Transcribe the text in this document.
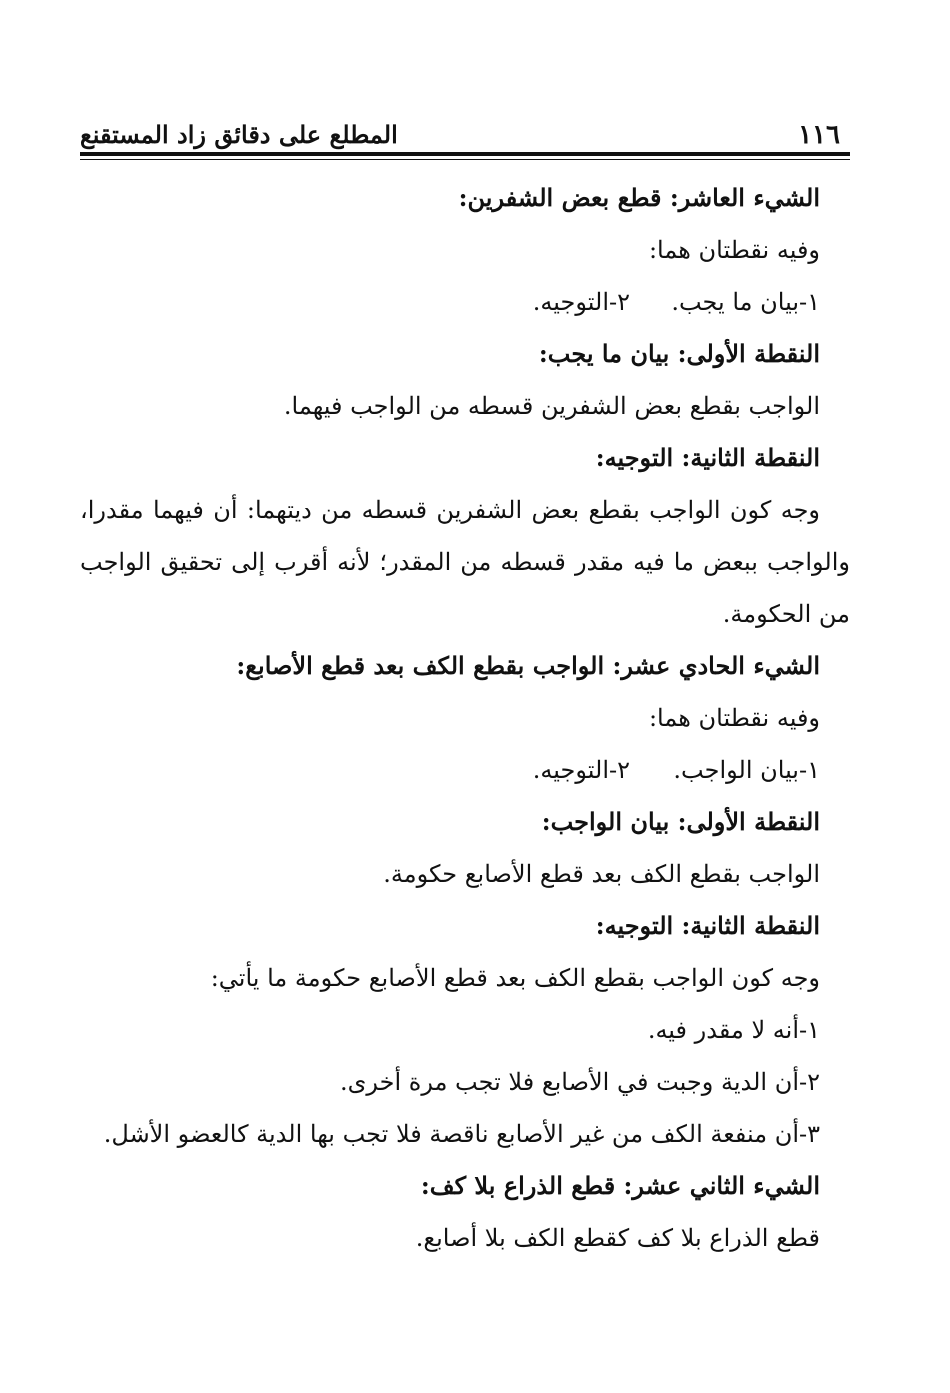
١١٦
المطلع على دقائق زاد المستقنع
الشيء العاشر: قطع بعض الشفرين:
وفيه نقطتان هما:
١-بيان ما يجب.
٢-التوجيه.
النقطة الأولى: بيان ما يجب:
الواجب بقطع بعض الشفرين قسطه من الواجب فيهما.
النقطة الثانية: التوجيه:
وجه كون الواجب بقطع بعض الشفرين قسطه من ديتهما: أن فيهما مقدرا،
والواجب ببعض ما فيه مقدر قسطه من المقدر؛ لأنه أقرب إلى تحقيق الواجب
من الحكومة.
الشيء الحادي عشر: الواجب بقطع الكف بعد قطع الأصابع:
وفيه نقطتان هما:
١-بيان الواجب.
٢-التوجيه.
النقطة الأولى: بيان الواجب:
الواجب بقطع الكف بعد قطع الأصابع حكومة.
النقطة الثانية: التوجيه:
وجه كون الواجب بقطع الكف بعد قطع الأصابع حكومة ما يأتي:
١-أنه لا مقدر فيه.
٢-أن الدية وجبت في الأصابع فلا تجب مرة أخرى.
٣-أن منفعة الكف من غير الأصابع ناقصة فلا تجب بها الدية كالعضو الأشل.
الشيء الثاني عشر: قطع الذراع بلا كف:
قطع الذراع بلا كف كقطع الكف بلا أصابع.
